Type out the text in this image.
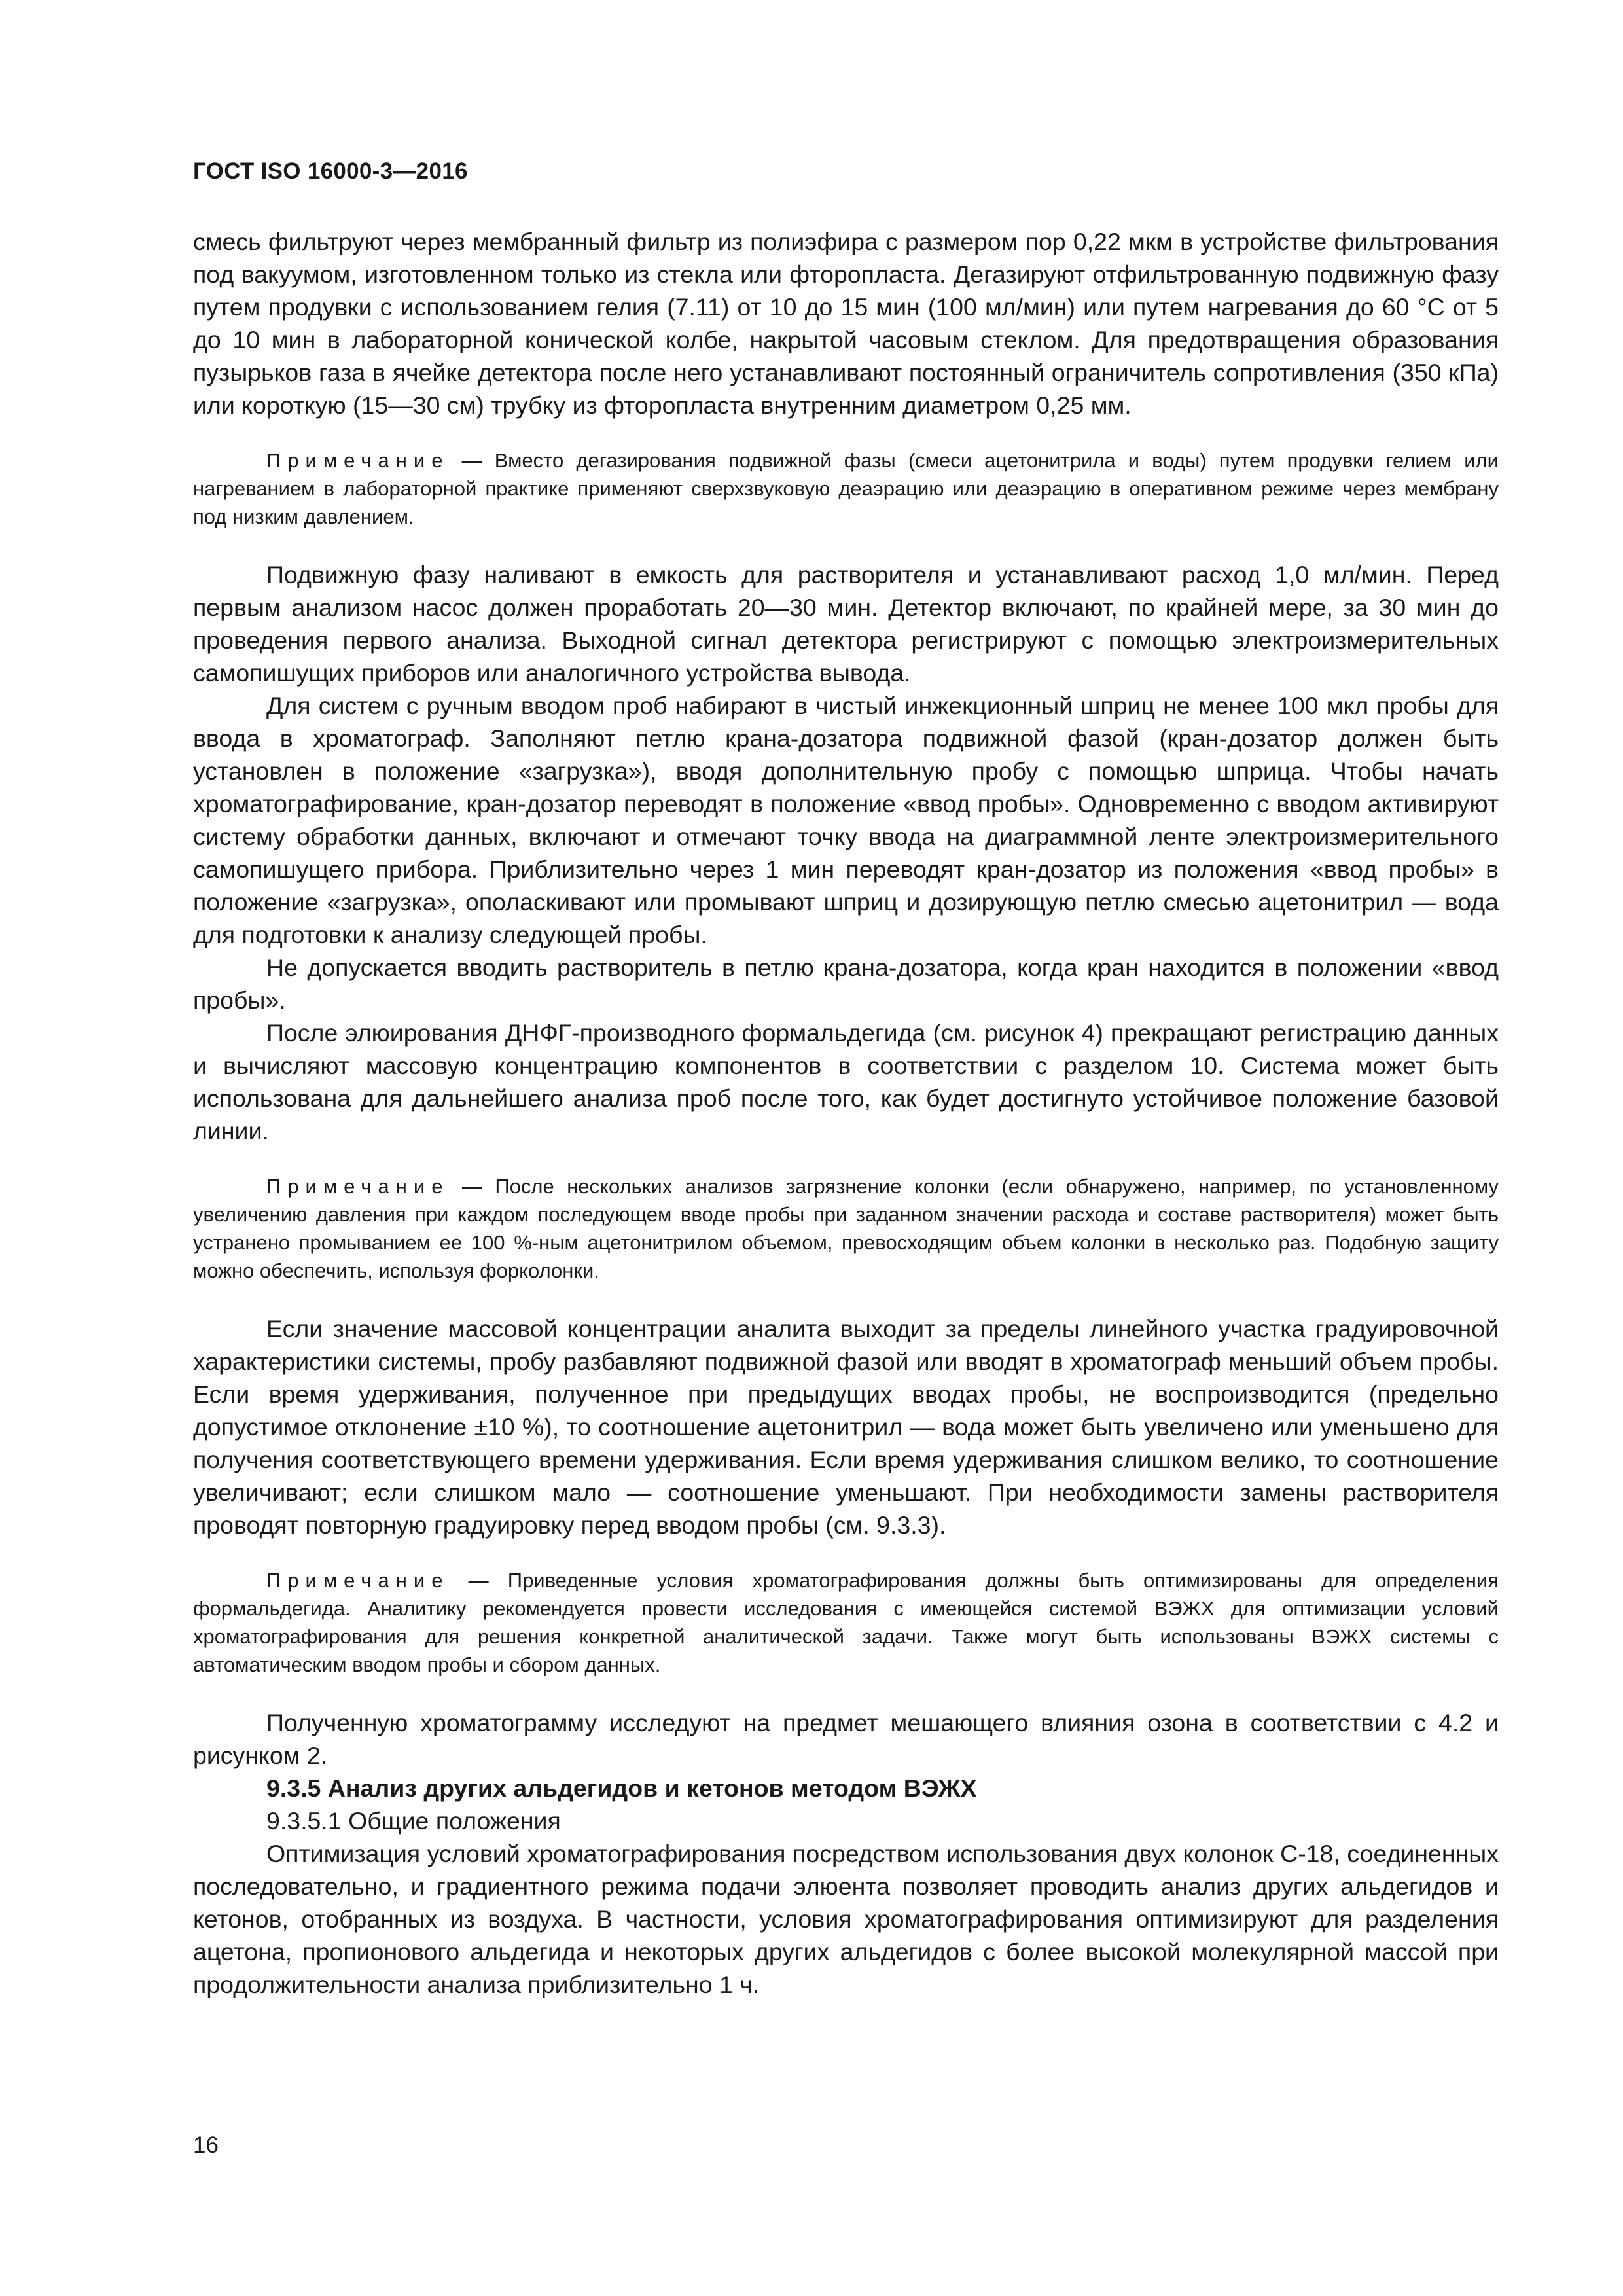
ГОСТ ISO 16000-3—2016

смесь фильтруют через мембранный фильтр из полиэфира с размером пор 0,22 мкм в устройстве фильтрования под вакуумом, изготовленном только из стекла или фторопласта. Дегазируют отфильтрованную подвижную фазу путем продувки с использованием гелия (7.11) от 10 до 15 мин (100 мл/мин) или путем нагревания до 60 °С от 5 до 10 мин в лабораторной конической колбе, накрытой часовым стеклом. Для предотвращения образования пузырьков газа в ячейке детектора после него устанавливают постоянный ограничитель сопротивления (350 кПа) или короткую (15—30 см) трубку из фторопласта внутренним диаметром 0,25 мм.

Примечание — Вместо дегазирования подвижной фазы (смеси ацетонитрила и воды) путем продувки гелием или нагреванием в лабораторной практике применяют сверхзвуковую деаэрацию или деаэрацию в оперативном режиме через мембрану под низким давлением.

Подвижную фазу наливают в емкость для растворителя и устанавливают расход 1,0 мл/мин. Перед первым анализом насос должен проработать 20—30 мин. Детектор включают, по крайней мере, за 30 мин до проведения первого анализа. Выходной сигнал детектора регистрируют с помощью электроизмерительных самопишущих приборов или аналогичного устройства вывода.

Для систем с ручным вводом проб набирают в чистый инжекционный шприц не менее 100 мкл пробы для ввода в хроматограф. Заполняют петлю крана-дозатора подвижной фазой (кран-дозатор должен быть установлен в положение «загрузка»), вводя дополнительную пробу с помощью шприца. Чтобы начать хроматографирование, кран-дозатор переводят в положение «ввод пробы». Одновременно с вводом активируют систему обработки данных, включают и отмечают точку ввода на диаграммной ленте электроизмерительного самопишущего прибора. Приблизительно через 1 мин переводят кран-дозатор из положения «ввод пробы» в положение «загрузка», ополаскивают или промывают шприц и дозирующую петлю смесью ацетонитрил — вода для подготовки к анализу следующей пробы.

Не допускается вводить растворитель в петлю крана-дозатора, когда кран находится в положении «ввод пробы».

После элюирования ДНФГ-производного формальдегида (см. рисунок 4) прекращают регистрацию данных и вычисляют массовую концентрацию компонентов в соответствии с разделом 10. Система может быть использована для дальнейшего анализа проб после того, как будет достигнуто устойчивое положение базовой линии.

Примечание — После нескольких анализов загрязнение колонки (если обнаружено, например, по установленному увеличению давления при каждом последующем вводе пробы при заданном значении расхода и составе растворителя) может быть устранено промыванием ее 100 %-ным ацетонитрилом объемом, превосходящим объем колонки в несколько раз. Подобную защиту можно обеспечить, используя форколонки.

Если значение массовой концентрации аналита выходит за пределы линейного участка градуировочной характеристики системы, пробу разбавляют подвижной фазой или вводят в хроматограф меньший объем пробы. Если время удерживания, полученное при предыдущих вводах пробы, не воспроизводится (предельно допустимое отклонение ±10 %), то соотношение ацетонитрил — вода может быть увеличено или уменьшено для получения соответствующего времени удерживания. Если время удерживания слишком велико, то соотношение увеличивают; если слишком мало — соотношение уменьшают. При необходимости замены растворителя проводят повторную градуировку перед вводом пробы (см. 9.3.3).

Примечание — Приведенные условия хроматографирования должны быть оптимизированы для определения формальдегида. Аналитику рекомендуется провести исследования с имеющейся системой ВЭЖХ для оптимизации условий хроматографирования для решения конкретной аналитической задачи. Также могут быть использованы ВЭЖХ системы с автоматическим вводом пробы и сбором данных.

Полученную хроматограмму исследуют на предмет мешающего влияния озона в соответствии с 4.2 и рисунком 2.

9.3.5 Анализ других альдегидов и кетонов методом ВЭЖХ

9.3.5.1 Общие положения

Оптимизация условий хроматографирования посредством использования двух колонок С-18, соединенных последовательно, и градиентного режима подачи элюента позволяет проводить анализ других альдегидов и кетонов, отобранных из воздуха. В частности, условия хроматографирования оптимизируют для разделения ацетона, пропионового альдегида и некоторых других альдегидов с более высокой молекулярной массой при продолжительности анализа приблизительно 1 ч.

16
